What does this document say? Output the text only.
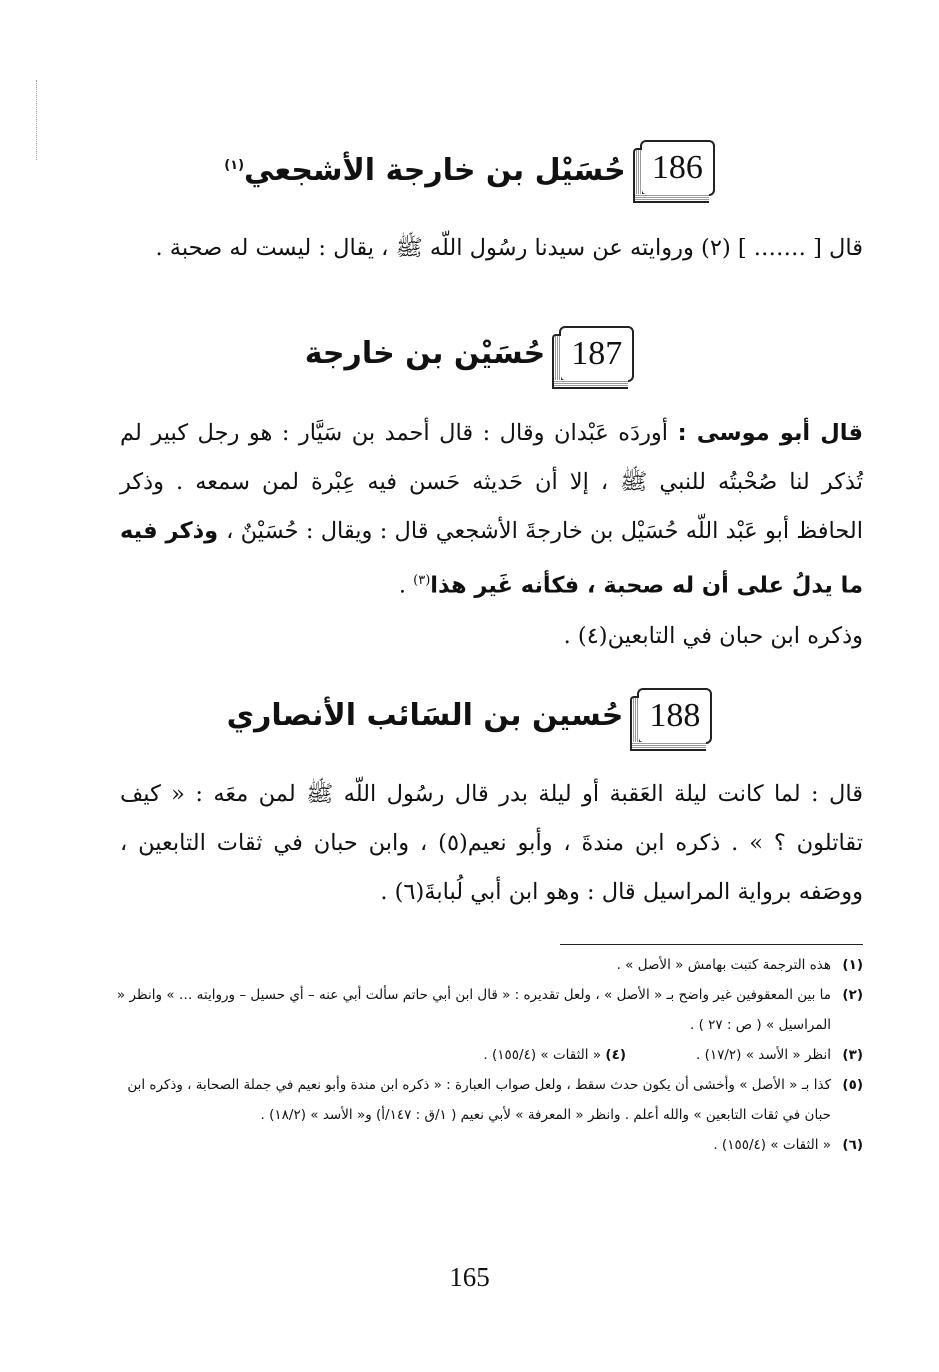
186
حُسَيْل بن خارجة الأشجعي$^{(١)}$
قال [ ……. ] (٢) وروايته عن سيدنا رسُول اللّه ﷺ ، يقال : ليست له صحبة .
187
حُسَيْن بن خارجة
قال أبو موسى : أوردَه عَبْدان وقال : قال أحمد بن سَيَّار : هو رجل كبير لم تُذكر لنا صُحْبتُه للنبي ﷺ ، إلا أن حَديثه حَسن فيه عِبْرة لمن سمعه . وذكر الحافظ أبو عَبْد اللّه حُسَيْل بن خارجةَ الأشجعي قال : ويقال : حُسَيْنٌ ، وذكر فيه ما يدلُ على أن له صحبة ، فكأنه غَير هذا$^{(٣)}$ .
وذكره ابن حبان في التابعين(٤) .
188
حُسين بن السَائب الأنصاري
قال : لما كانت ليلة العَقبة أو ليلة بدر قال رسُول اللّه ﷺ لمن معَه : « كيف تقاتلون ؟ » . ذكره ابن مندةَ ، وأبو نعيم(٥) ، وابن حبان في ثقات التابعين ، ووصَفه برواية المراسيل قال : وهو ابن أبي لُبابةَ(٦) .
(١)
هذه الترجمة كتبت بهامش « الأصل » .
(٢)
ما بين المعقوفين غير واضح بـ « الأصل » ، ولعل تقديره : « قال ابن أبي حاتم سألت أبي عنه – أي حسيل – وروايته … » وانظر « المراسيل » ( ص : ٢٧ ) .
(٣)
انظر « الأسد » (١٧/٢) .
(٤) « الثقات » (١٥٥/٤) .
(٥)
كذا بـ « الأصل » وأخشى أن يكون حدث سقط ، ولعل صواب العبارة : « ذكره ابن مندة وأبو نعيم في جملة الصحابة ، وذكره ابن حبان في ثقات التابعين » والله أعلم . وانظر « المعرفة » لأبي نعيم ( ١/ق : ١٤٧/أ) و« الأسد » (١٨/٢) .
(٦)
« الثقات » (١٥٥/٤) .
165
